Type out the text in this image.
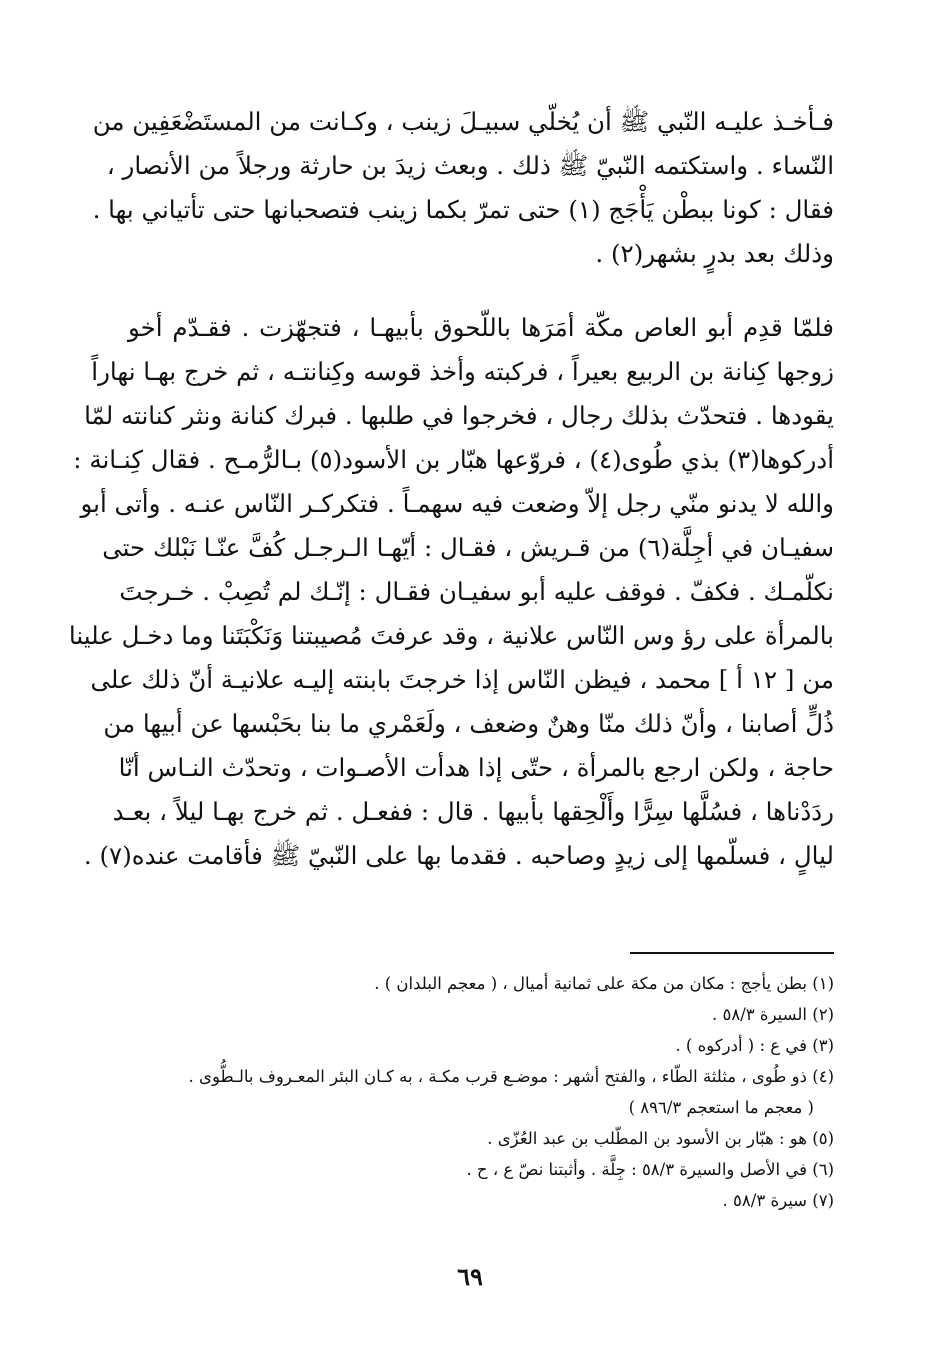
فـأخـذ عليـه النّبي ﷺ أن يُخلّي سبيـلَ زينب ، وكـانت من المستَضْعَفِين من
النّساء . واستكتمه النّبيّ ﷺ ذلك . وبعث زيدَ بن حارثة ورجلاً من الأنصار ،
فقال : كونا ببطْن يَأْجَج (١) حتى تمرّ بكما زينب فتصحبانها حتى تأتياني بها .
وذلك بعد بدرٍ بشهر(٢) .
فلمّا قدِم أبو العاص مكّة أمَرَها باللّحوق بأبيهـا ، فتجهّزت . فقـدّم أخو
زوجها كِنانة بن الربيع بعيراً ، فركبته وأخذ قوسه وكِنانتـه ، ثم خرج بهـا نهاراً
يقودها . فتحدّث بذلك رجال ، فخرجوا في طلبها . فبرك كنانة ونثر كنانته لمّا
أدركوها(٣) بذي طُوى(٤) ، فروّعها هبّار بن الأسود(٥) بـالرُّمـح . فقال كِنـانة :
والله لا يدنو منّي رجل إلاّ وضعت فيه سهمـاً . فتكركـر النّاس عنـه . وأتى أبو
سفيـان في أجِلَّة(٦) من قـريش ، فقـال : أيّهـا الـرجـل كُفَّ عنّـا نَبْلك حتى
نكلّمـك . فكفّ . فوقف عليه أبو سفيـان فقـال : إنّـك لم تُصِبْ . خـرجتَ
بالمرأة على رؤ وس النّاس علانية ، وقد عرفتَ مُصيبتنا وَنَكْبَتَنا وما دخـل علينا
من [ ١٢ أ ] محمد ، فيظن النّاس إذا خرجتَ بابنته إليـه علانيـة أنّ ذلك على
ذُلٍّ أصابنا ، وأنّ ذلك منّا وهنٌ وضعف ، ولَعَمْري ما بنا بحَبْسها عن أبيها من
حاجة ، ولكن ارجع بالمرأة ، حتّى إذا هدأت الأصـوات ، وتحدّث النـاس أنّا
ردَدْناها ، فسُلَّها سِرًّا وأَلْحِقها بأبيها . قال : ففعـل . ثم خرج بهـا ليلاً ، بعـد
ليالٍ ، فسلّمها إلى زيدٍ وصاحبه . فقدما بها على النّبيّ ﷺ فأقامت عنده(٧) .
(١) بطن يأجج : مكان من مكة على ثمانية أميال ، ( معجم البلدان ) .
(٢) السيرة ٥٨/٣ .
(٣) في ع : ( أدركوه ) .
(٤) ذو طُوى ، مثلثة الطّاء ، والفتح أشهر : موضـع قرب مكـة ، به كـان البئر المعـروف بالـطُّوى .
( معجم ما استعجم ٨٩٦/٣ )
(٥) هو : هبّار بن الأسود بن المطّلب بن عبد العُزّى .
(٦) في الأصل والسيرة ٥٨/٣ : جِلَّة . وأثبتنا نصّ ع ، ح .
(٧) سيرة ٥٨/٣ .
٦٩
